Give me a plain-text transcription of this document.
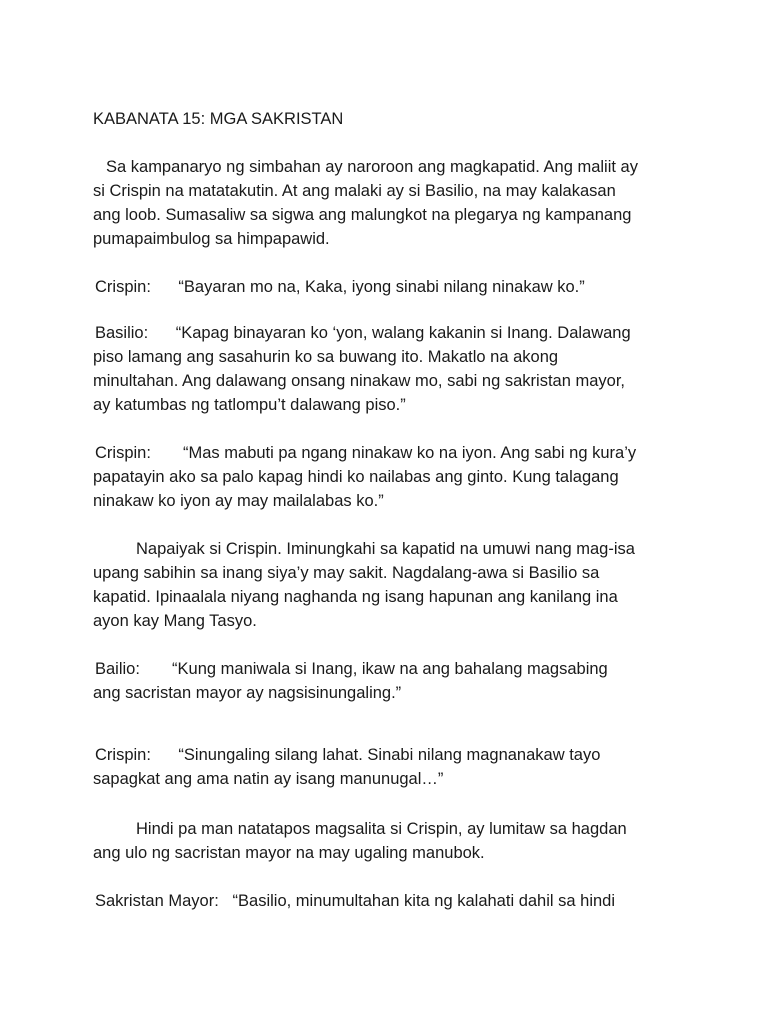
KABANATA 15: MGA SAKRISTAN
Sa kampanaryo ng simbahan ay naroroon ang magkapatid. Ang maliit ay
si Crispin na matatakutin. At ang malaki ay si Basilio, na may kalakasan
ang loob. Sumasaliw sa sigwa ang malungkot na plegarya ng kampanang
pumapaimbulog sa himpapawid.
Crispin:      “Bayaran mo na, Kaka, iyong sinabi nilang ninakaw ko.”
Basilio:      “Kapag binayaran ko ‘yon, walang kakanin si Inang. Dalawang
piso lamang ang sasahurin ko sa buwang ito. Makatlo na akong
minultahan. Ang dalawang onsang ninakaw mo, sabi ng sakristan mayor,
ay katumbas ng tatlompu’t dalawang piso.”
Crispin:       “Mas mabuti pa ngang ninakaw ko na iyon. Ang sabi ng kura’y
papatayin ako sa palo kapag hindi ko nailabas ang ginto. Kung talagang
ninakaw ko iyon ay may mailalabas ko.”
Napaiyak si Crispin. Iminungkahi sa kapatid na umuwi nang mag-isa
upang sabihin sa inang siya’y may sakit. Nagdalang-awa si Basilio sa
kapatid. Ipinaalala niyang naghanda ng isang hapunan ang kanilang ina
ayon kay Mang Tasyo.
Bailio:       “Kung maniwala si Inang, ikaw na ang bahalang magsabing
ang sacristan mayor ay nagsisinungaling.”
Crispin:      “Sinungaling silang lahat. Sinabi nilang magnanakaw tayo
sapagkat ang ama natin ay isang manunugal…”
Hindi pa man natatapos magsalita si Crispin, ay lumitaw sa hagdan
ang ulo ng sacristan mayor na may ugaling manubok.
Sakristan Mayor:   “Basilio, minumultahan kita ng kalahati dahil sa hindi
